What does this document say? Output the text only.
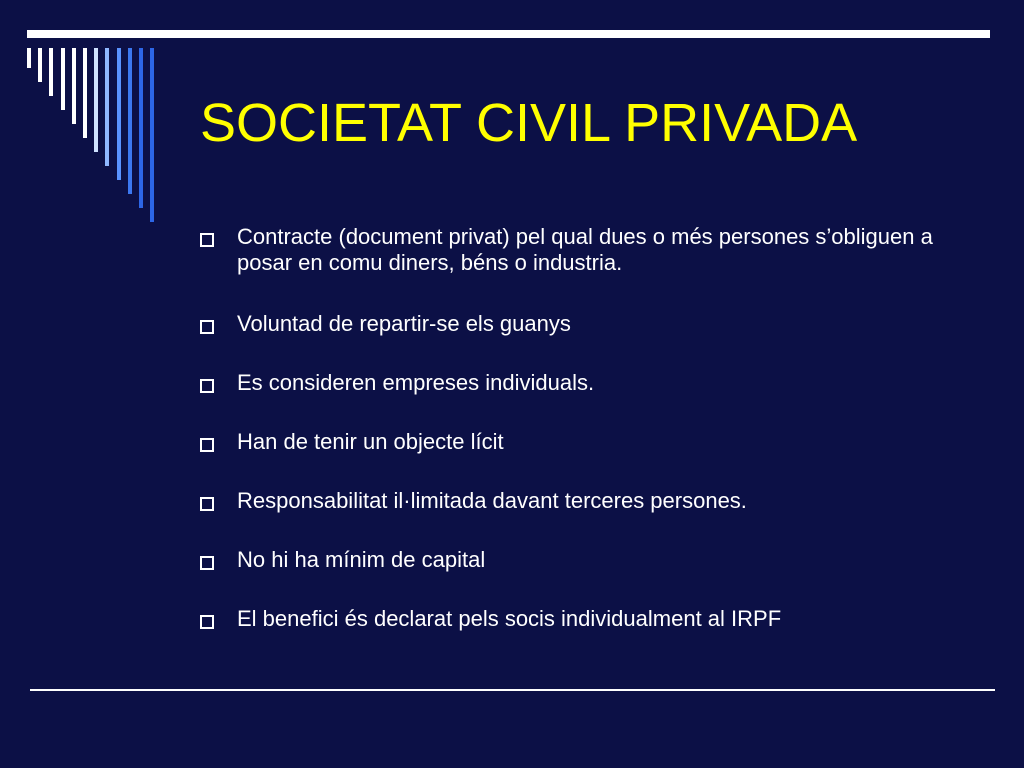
SOCIETAT CIVIL PRIVADA
Contracte (document privat) pel qual dues o més persones s’obliguen a posar en comu diners, béns o industria.
Voluntad de repartir-se els guanys
Es consideren empreses individuals.
Han de tenir un objecte lícit
Responsabilitat il·limitada davant terceres persones.
No hi ha mínim de capital
El benefici és declarat pels socis individualment al IRPF
